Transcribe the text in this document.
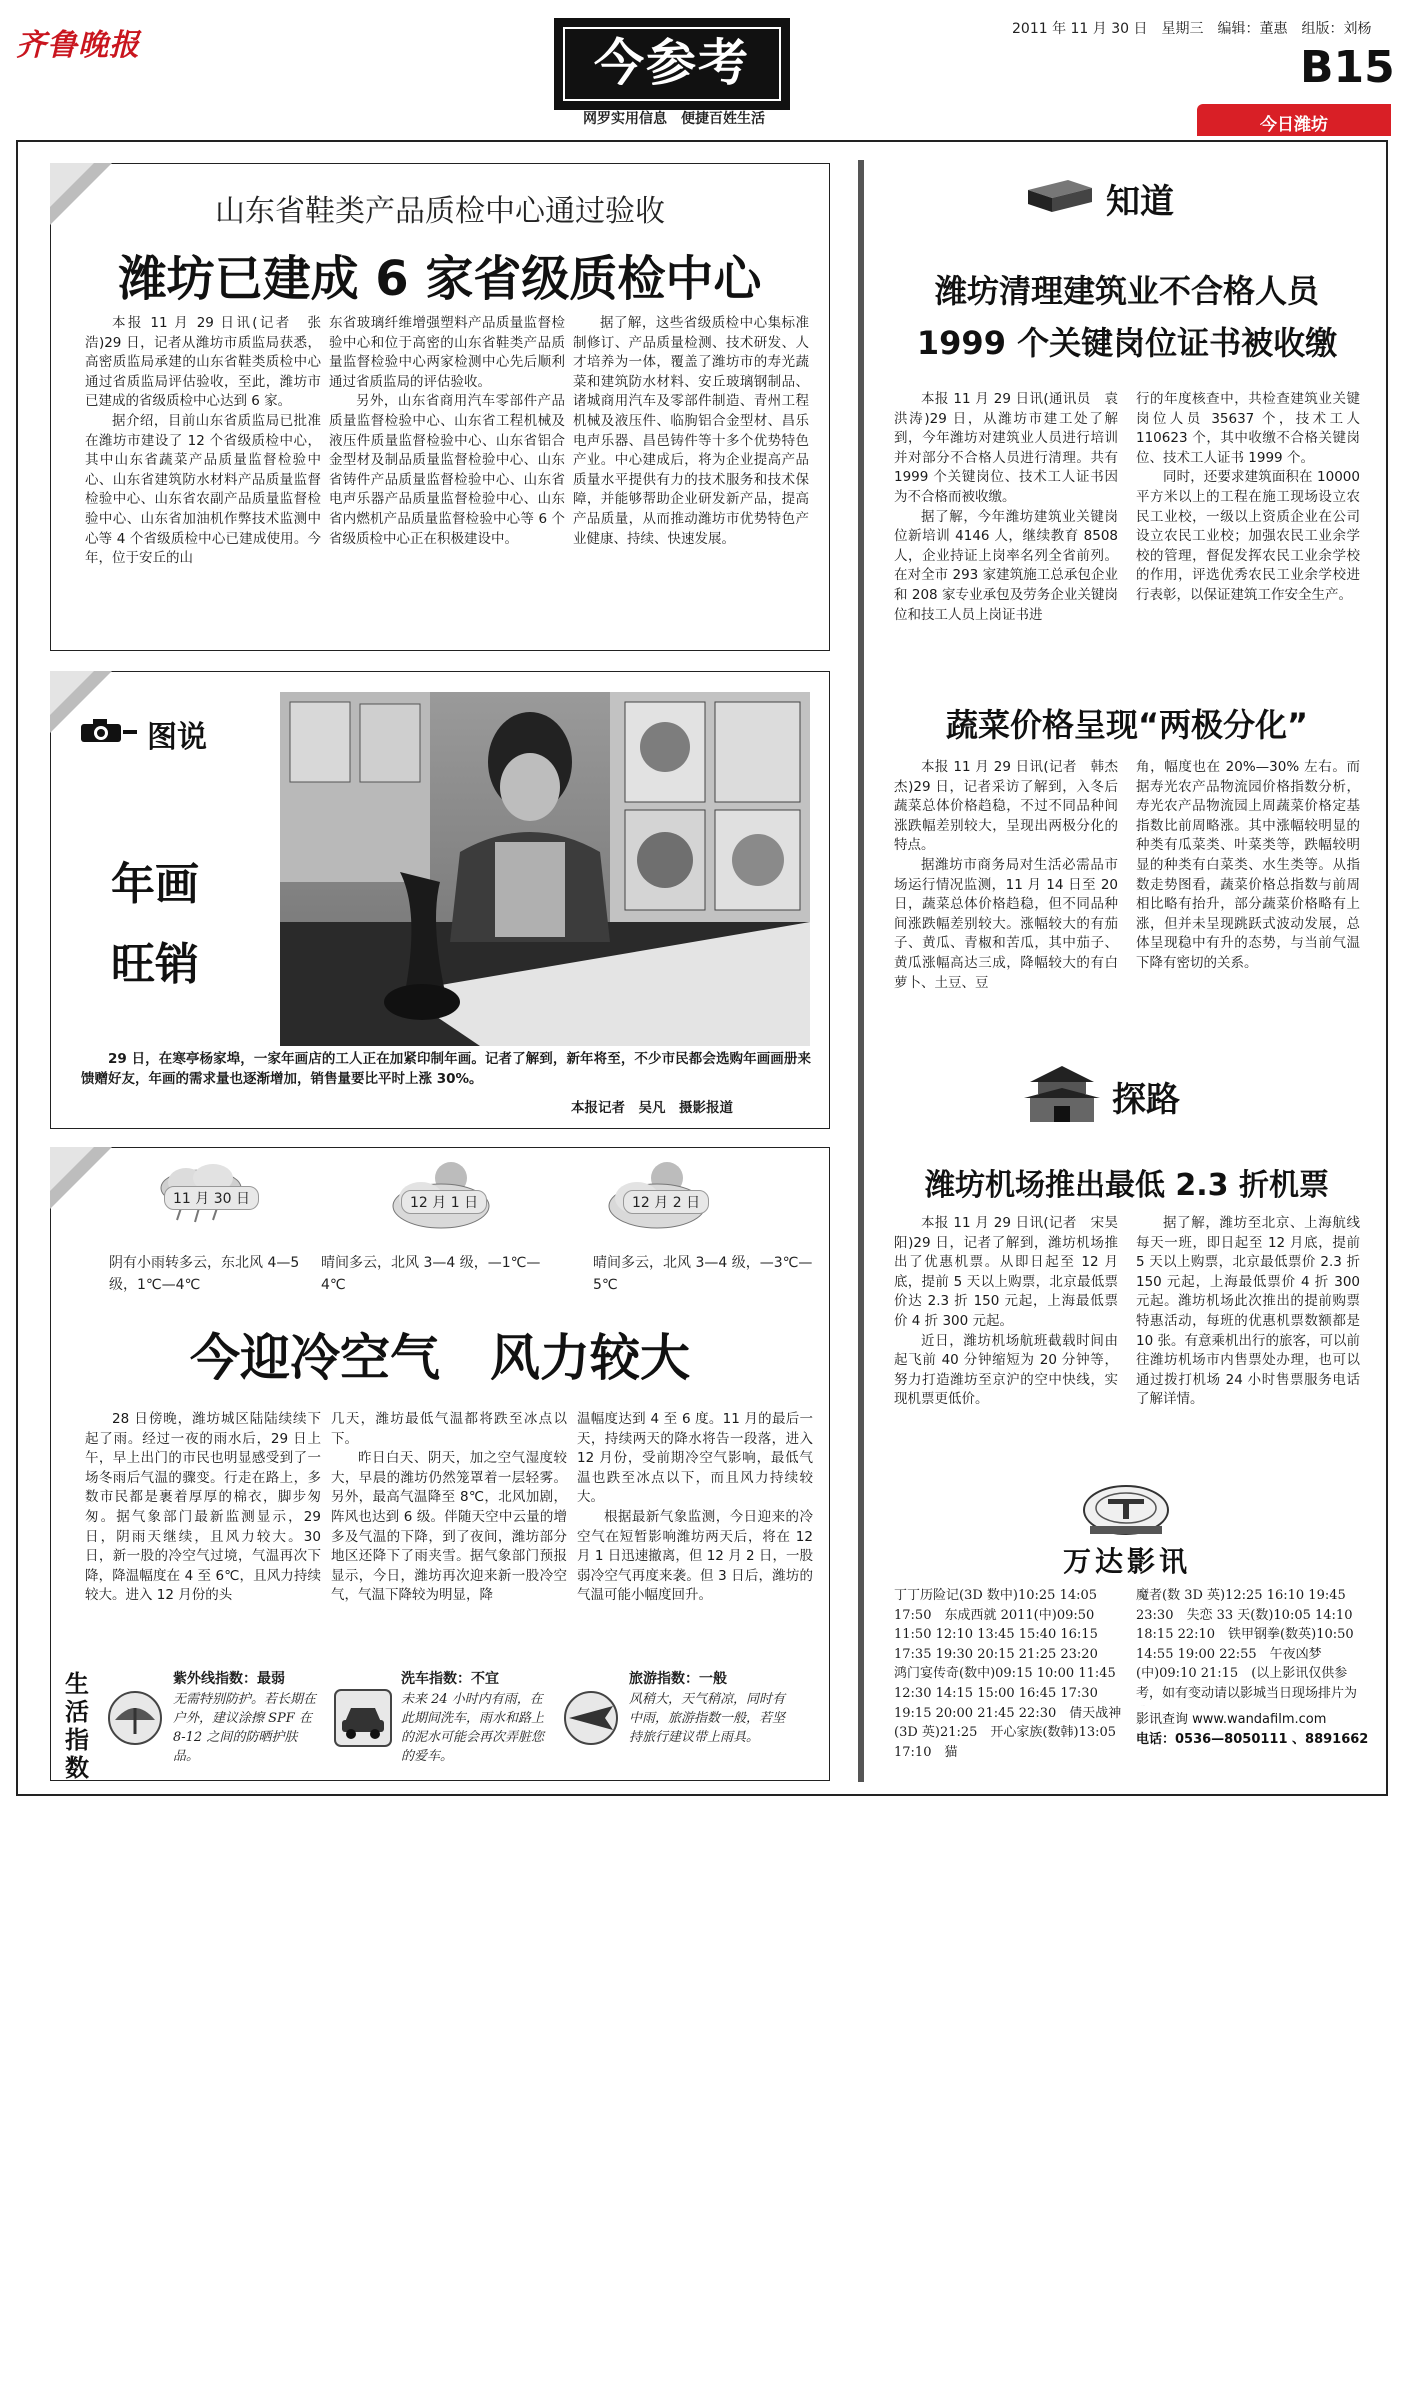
齐鲁晚报	今参考
网罗实用信息　便捷百姓生活
2011 年 11 月 30 日　星期三　编辑：董惠　组版：刘杨
B15
今日潍坊
山东省鞋类产品质检中心通过验收
潍坊已建成 6 家省级质检中心

本报 11 月 29 日讯(记者　张浩)29 日，记者从潍坊市质监局获悉，高密质监局承建的山东省鞋类质检中心通过省质监局评估验收，至此，潍坊市已建成的省级质检中心达到 6 家。

据介绍，目前山东省质监局已批准在潍坊市建设了 12 个省级质检中心，其中山东省蔬菜产品质量监督检验中心、山东省建筑防水材料产品质量监督检验中心、山东省农副产品质量监督检验中心、山东省加油机作弊技术监测中心等 4 个省级质检中心已建成使用。今年，位于安丘的山

东省玻璃纤维增强塑料产品质量监督检验中心和位于高密的山东省鞋类产品质量监督检验中心两家检测中心先后顺利通过省质监局的评估验收。

另外，山东省商用汽车零部件产品质量监督检验中心、山东省工程机械及液压件质量监督检验中心、山东省铝合金型材及制品质量监督检验中心、山东省铸件产品质量监督检验中心、山东省电声乐器产品质量监督检验中心、山东省内燃机产品质量监督检验中心等 6 个省级质检中心正在积极建设中。

据了解，这些省级质检中心集标准制修订、产品质量检测、技术研发、人才培养为一体，覆盖了潍坊市的寿光蔬菜和建筑防水材料、安丘玻璃钢制品、诸城商用汽车及零部件制造、青州工程机械及液压件、临朐铝合金型材、昌乐电声乐器、昌邑铸件等十多个优势特色产业。中心建成后，将为企业提高产品质量水平提供有力的技术服务和技术保障，并能够帮助企业研发新产品，提高产品质量，从而推动潍坊市优势特色产业健康、持续、快速发展。

图说
年画
旺销
29 日，在寒亭杨家埠，一家年画店的工人正在加紧印制年画。记者了解到，新年将至，不少市民都会选购年画画册来馈赠好友，年画的需求量也逐渐增加，销售量要比平时上涨 30%。
本报记者　吴凡　摄影报道
11 月 30 日
阴有小雨转多云，东北风 4—5 级，1℃—4℃
12 月 1 日
晴间多云，北风 3—4 级，—1℃—4℃
12 月 2 日
晴间多云，北风 3—4 级，—3℃—5℃
今迎冷空气　风力较大

28 日傍晚，潍坊城区陆陆续续下起了雨。经过一夜的雨水后，29 日上午，早上出门的市民也明显感受到了一场冬雨后气温的骤变。行走在路上，多数市民都是裹着厚厚的棉衣，脚步匆匆。据气象部门最新监测显示，29 日，阴雨天继续，且风力较大。30 日，新一股的冷空气过境，气温再次下降，降温幅度在 4 至 6℃，且风力持续较大。进入 12 月份的头

几天，潍坊最低气温都将跌至冰点以下。

昨日白天、阴天，加之空气湿度较大，早晨的潍坊仍然笼罩着一层轻雾。另外，最高气温降至 8℃，北风加剧，阵风也达到 6 级。伴随天空中云量的增多及气温的下降，到了夜间，潍坊部分地区还降下了雨夹雪。据气象部门预报显示，今日，潍坊再次迎来新一股冷空气，气温下降较为明显，降

温幅度达到 4 至 6 度。11 月的最后一天，持续两天的降水将告一段落，进入 12 月份，受前期冷空气影响，最低气温也跌至冰点以下，而且风力持续较大。

根据最新气象监测，今日迎来的冷空气在短暂影响潍坊两天后，将在 12 月 1 日迅速撤离，但 12 月 2 日，一股弱冷空气再度来袭。但 3 日后，潍坊的气温可能小幅度回升。

生活指数
紫外线指数：最弱
无需特别防护。若长期在户外，建议涂擦 SPF 在 8-12 之间的防晒护肤品。
洗车指数：不宜
未来 24 小时内有雨，在此期间洗车，雨水和路上的泥水可能会再次弄脏您的爱车。
旅游指数：一般
风稍大，天气稍凉，同时有中雨，旅游指数一般，若坚持旅行建议带上雨具。
知道
潍坊清理建筑业不合格人员
1999 个关键岗位证书被收缴

本报 11 月 29 日讯(通讯员　袁洪涛)29 日，从潍坊市建工处了解到，今年潍坊对建筑业人员进行培训并对部分不合格人员进行清理。共有 1999 个关键岗位、技术工人证书因为不合格而被收缴。

据了解，今年潍坊建筑业关键岗位新培训 4146 人，继续教育 8508 人，企业持证上岗率名列全省前列。在对全市 293 家建筑施工总承包企业和 208 家专业承包及劳务企业关键岗位和技工人员上岗证书进

行的年度核查中，共检查建筑业关键岗位人员 35637 个，技术工人 110623 个，其中收缴不合格关键岗位、技术工人证书 1999 个。

同时，还要求建筑面积在 10000 平方米以上的工程在施工现场设立农民工业校，一级以上资质企业在公司设立农民工业校；加强农民工业余学校的管理，督促发挥农民工业余学校的作用，评选优秀农民工业余学校进行表彰，以保证建筑工作安全生产。

蔬菜价格呈现“两极分化”

本报 11 月 29 日讯(记者　韩杰杰)29 日，记者采访了解到，入冬后蔬菜总体价格趋稳，不过不同品种间涨跌幅差别较大，呈现出两极分化的特点。

据潍坊市商务局对生活必需品市场运行情况监测，11 月 14 日至 20 日，蔬菜总体价格趋稳，但不同品种间涨跌幅差别较大。涨幅较大的有茄子、黄瓜、青椒和苦瓜，其中茄子、黄瓜涨幅高达三成，降幅较大的有白萝卜、土豆、豆

角，幅度也在 20%—30% 左右。而据寿光农产品物流园价格指数分析，寿光农产品物流园上周蔬菜价格定基指数比前周略涨。其中涨幅较明显的种类有瓜菜类、叶菜类等，跌幅较明显的种类有白菜类、水生类等。从指数走势图看，蔬菜价格总指数与前周相比略有抬升，部分蔬菜价格略有上涨，但并未呈现跳跃式波动发展，总体呈现稳中有升的态势，与当前气温下降有密切的关系。

探路
潍坊机场推出最低 2.3 折机票

本报 11 月 29 日讯(记者　宋昊阳)29 日，记者了解到，潍坊机场推出了优惠机票。从即日起至 12 月底，提前 5 天以上购票，北京最低票价达 2.3 折 150 元起，上海最低票价 4 折 300 元起。

近日，潍坊机场航班截载时间由起飞前 40 分钟缩短为 20 分钟等，努力打造潍坊至京沪的空中快线，实现机票更低价。

据了解，潍坊至北京、上海航线每天一班，即日起至 12 月底，提前 5 天以上购票，北京最低票价 2.3 折 150 元起，上海最低票价 4 折 300 元起。潍坊机场此次推出的提前购票特惠活动，每班的优惠机票数额都是 10 张。有意乘机出行的旅客，可以前往潍坊机场市内售票处办理，也可以通过拨打机场 24 小时售票服务电话了解详情。

万达影讯
丁丁历险记(3D 数中)10:25 14:05 17:50　东成西就 2011(中)09:50 11:50 12:10 13:45 15:40 16:15 17:35 19:30 20:15 21:25 23:20　鸿门宴传奇(数中)09:15 10:00 11:45 12:30 14:15 15:00 16:45 17:30 19:15 20:00 21:45 22:30　倩天战神(3D 英)21:25　开心家族(数韩)13:05 17:10　猫
魔者(数 3D 英)12:25 16:10 19:45 23:30　失恋 33 天(数)10:05 14:10 18:15 22:10　铁甲钢拳(数英)10:50 14:55 19:00 22:55　午夜凶梦(中)09:10 21:15　(以上影讯仅供参考，如有变动请以影城当日现场排片为
影讯查询 www.wandafilm.com
电话：0536—8050111 、8891662
